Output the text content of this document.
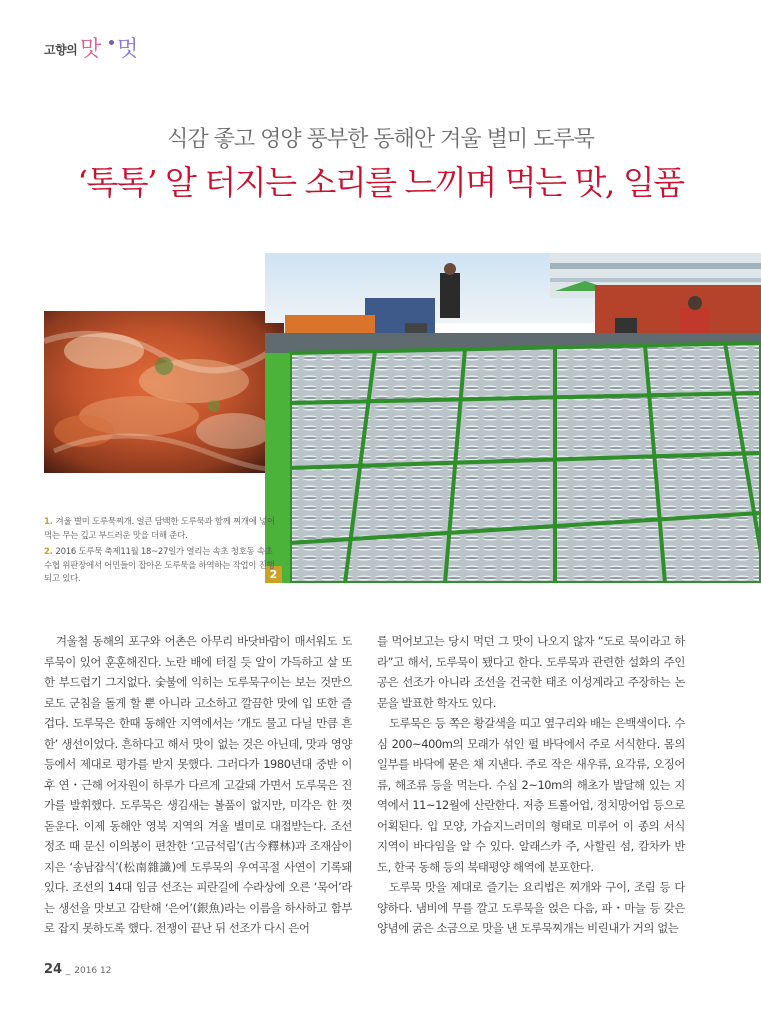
고향의 맛 멋
식감 좋고 영양 풍부한 동해안 겨울 별미 도루묵
‘톡톡’ 알 터지는 소리를 느끼며 먹는 맛, 일품
2
1. 겨울 별미 도루묵찌개. 얼큰 담백한 도루묵과 함께 찌개에 넣어 먹는 무는 깊고 부드러운 맛을 더해 준다.
2. 2016 도루묵 축제11월 18~27일가 열리는 속초 청호동 속초수협 위판장에서 어민들이 잡아온 도루묵을 하역하는 작업이 진행되고 있다.

겨울철 동해의 포구와 어촌은 아무리 바닷바람이 매서워도 도루묵이 있어 훈훈해진다. 노란 배에 터질 듯 알이 가득하고 살 또한 부드럽기 그지없다. 숯불에 익히는 도루묵구이는 보는 것만으로도 군침을 돌게 할 뿐 아니라 고소하고 깔끔한 맛에 입 또한 즐겁다. 도루묵은 한때 동해안 지역에서는 ‘개도 물고 다닐 만큼 흔한’ 생선이었다. 흔하다고 해서 맛이 없는 것은 아닌데, 맛과 영양 등에서 제대로 평가를 받지 못했다. 그러다가 1980년대 중반 이후 연・근해 어자원이 하루가 다르게 고갈돼 가면서 도루묵은 진가를 발휘했다. 도루묵은 생김새는 볼품이 없지만, 미각은 한 껏 돋운다. 이제 동해안 영북 지역의 겨울 별미로 대접받는다. 조선 정조 때 문신 이의봉이 편찬한 ‘고금석림’(古今釋林)과 조재삼이 지은 ‘송남잡식’(松南雜識)에 도루묵의 우여곡절 사연이 기록돼 있다. 조선의 14대 임금 선조는 피란길에 수라상에 오른 ‘묵어’라는 생선을 맛보고 감탄해 ‘은어’(銀魚)라는 이름을 하사하고 함부로 잡지 못하도록 했다. 전쟁이 끝난 뒤 선조가 다시 은어

를 먹어보고는 당시 먹던 그 맛이 나오지 않자 “도로 묵이라고 하라”고 해서, 도루묵이 됐다고 한다. 도루묵과 관련한 설화의 주인공은 선조가 아니라 조선을 건국한 태조 이성계라고 주장하는 논문을 발표한 학자도 있다.

도루묵은 등 쪽은 황갈색을 띠고 옆구리와 배는 은백색이다. 수심 200~400m의 모래가 섞인 펄 바닥에서 주로 서식한다. 몸의 일부를 바닥에 묻은 채 지낸다. 주로 작은 새우류, 요각류, 오징어류, 해조류 등을 먹는다. 수심 2~10m의 해초가 발달해 있는 지역에서 11~12월에 산란한다. 저층 트롤어업, 정치망어업 등으로 어획된다. 입 모양, 가슴지느러미의 형태로 미루어 이 종의 서식 지역이 바다임을 알 수 있다. 알래스카 주, 사할린 섬, 캄차카 반도, 한국 동해 등의 북태평양 해역에 분포한다.

도루묵 맛을 제대로 즐기는 요리법은 찌개와 구이, 조림 등 다양하다. 냄비에 무를 깔고 도루묵을 얹은 다음, 파・마늘 등 갖은 양념에 굵은 소금으로 맛을 낸 도루묵찌개는 비린내가 거의 없는

24 _ 2016 12
